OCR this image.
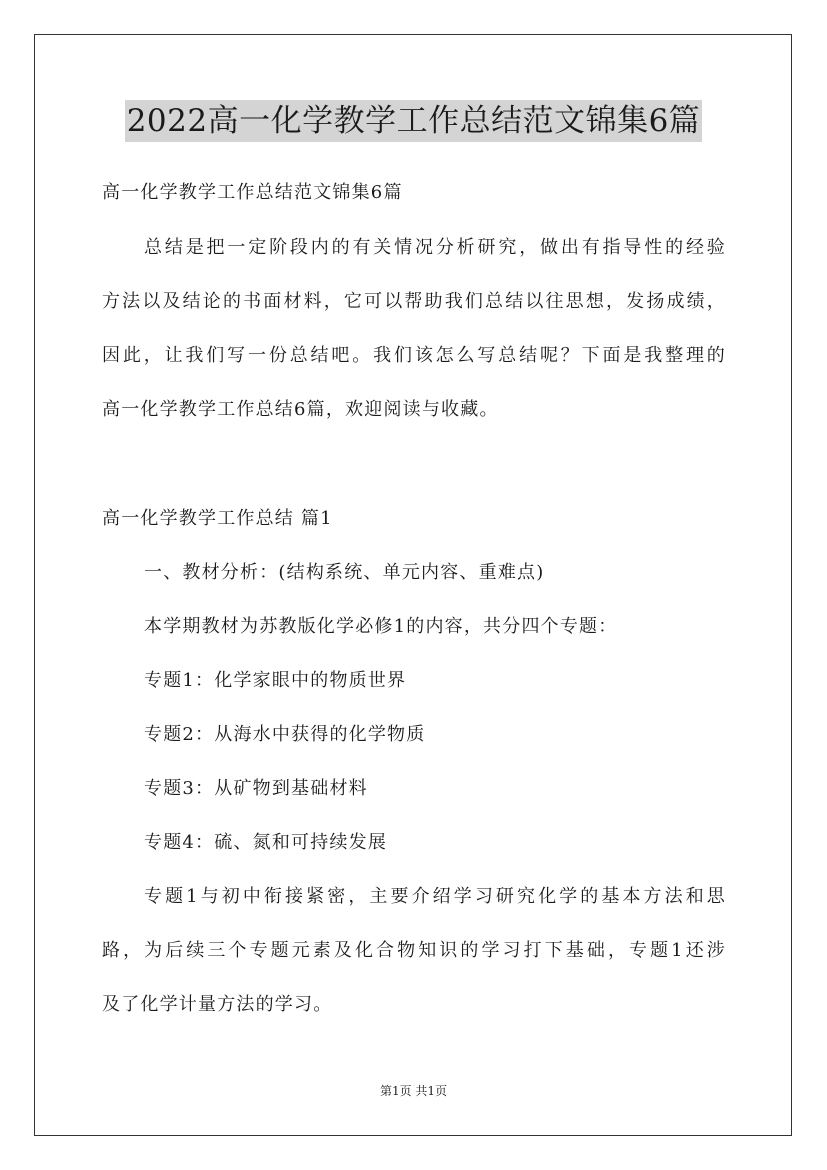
2022高一化学教学工作总结范文锦集6篇
高一化学教学工作总结范文锦集6篇
总结是把一定阶段内的有关情况分析研究，做出有指导性的经验
方法以及结论的书面材料，它可以帮助我们总结以往思想，发扬成绩，
因此，让我们写一份总结吧。我们该怎么写总结呢？下面是我整理的
高一化学教学工作总结6篇，欢迎阅读与收藏。
高一化学教学工作总结 篇1
一、教材分析：(结构系统、单元内容、重难点)
本学期教材为苏教版化学必修1的内容，共分四个专题：
专题1：化学家眼中的物质世界
专题2：从海水中获得的化学物质
专题3：从矿物到基础材料
专题4：硫、氮和可持续发展
专题1与初中衔接紧密，主要介绍学习研究化学的基本方法和思
路，为后续三个专题元素及化合物知识的学习打下基础，专题1还涉
及了化学计量方法的学习。
第1页 共1页
